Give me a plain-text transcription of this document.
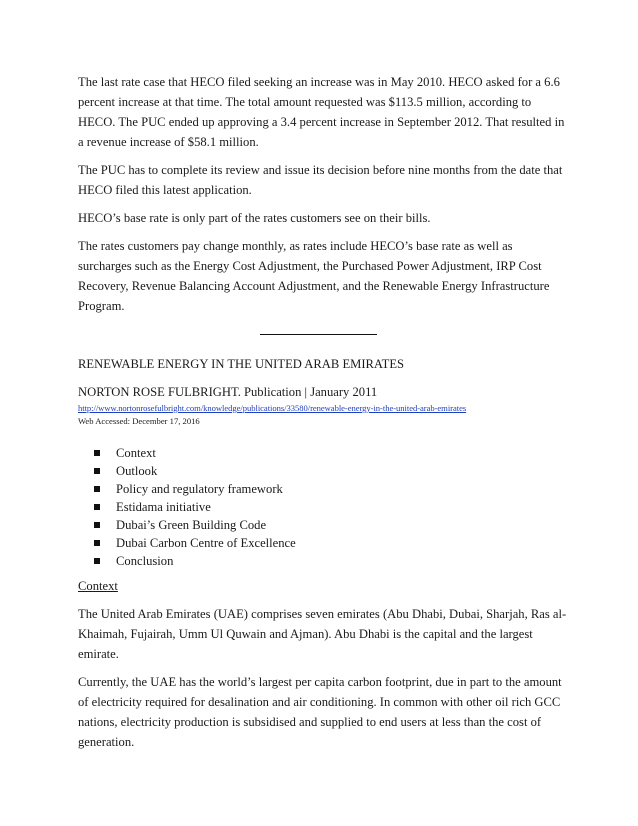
The last rate case that HECO filed seeking an increase was in May 2010. HECO asked for a 6.6 percent increase at that time. The total amount requested was $113.5 million, according to HECO. The PUC ended up approving a 3.4 percent increase in September 2012. That resulted in a revenue increase of $58.1 million.

The PUC has to complete its review and issue its decision before nine months from the date that HECO filed this latest application.

HECO’s base rate is only part of the rates customers see on their bills.

The rates customers pay change monthly, as rates include HECO’s base rate as well as surcharges such as the Energy Cost Adjustment, the Purchased Power Adjustment, IRP Cost Recovery, Revenue Balancing Account Adjustment, and the Renewable Energy Infrastructure Program.

RENEWABLE ENERGY IN THE UNITED ARAB EMIRATES

NORTON ROSE FULBRIGHT. Publication | January 2011

http://www.nortonrosefulbright.com/knowledge/publications/33580/renewable-energy-in-the-united-arab-emirates
Web Accessed: December 17, 2016
Context
Outlook
Policy and regulatory framework
Estidama initiative
Dubai’s Green Building Code
Dubai Carbon Centre of Excellence
Conclusion

Context

The United Arab Emirates (UAE) comprises seven emirates (Abu Dhabi, Dubai, Sharjah, Ras al-Khaimah, Fujairah, Umm Ul Quwain and Ajman). Abu Dhabi is the capital and the largest emirate.

Currently, the UAE has the world’s largest per capita carbon footprint, due in part to the amount of electricity required for desalination and air conditioning. In common with other oil rich GCC nations, electricity production is subsidised and supplied to end users at less than the cost of generation.
